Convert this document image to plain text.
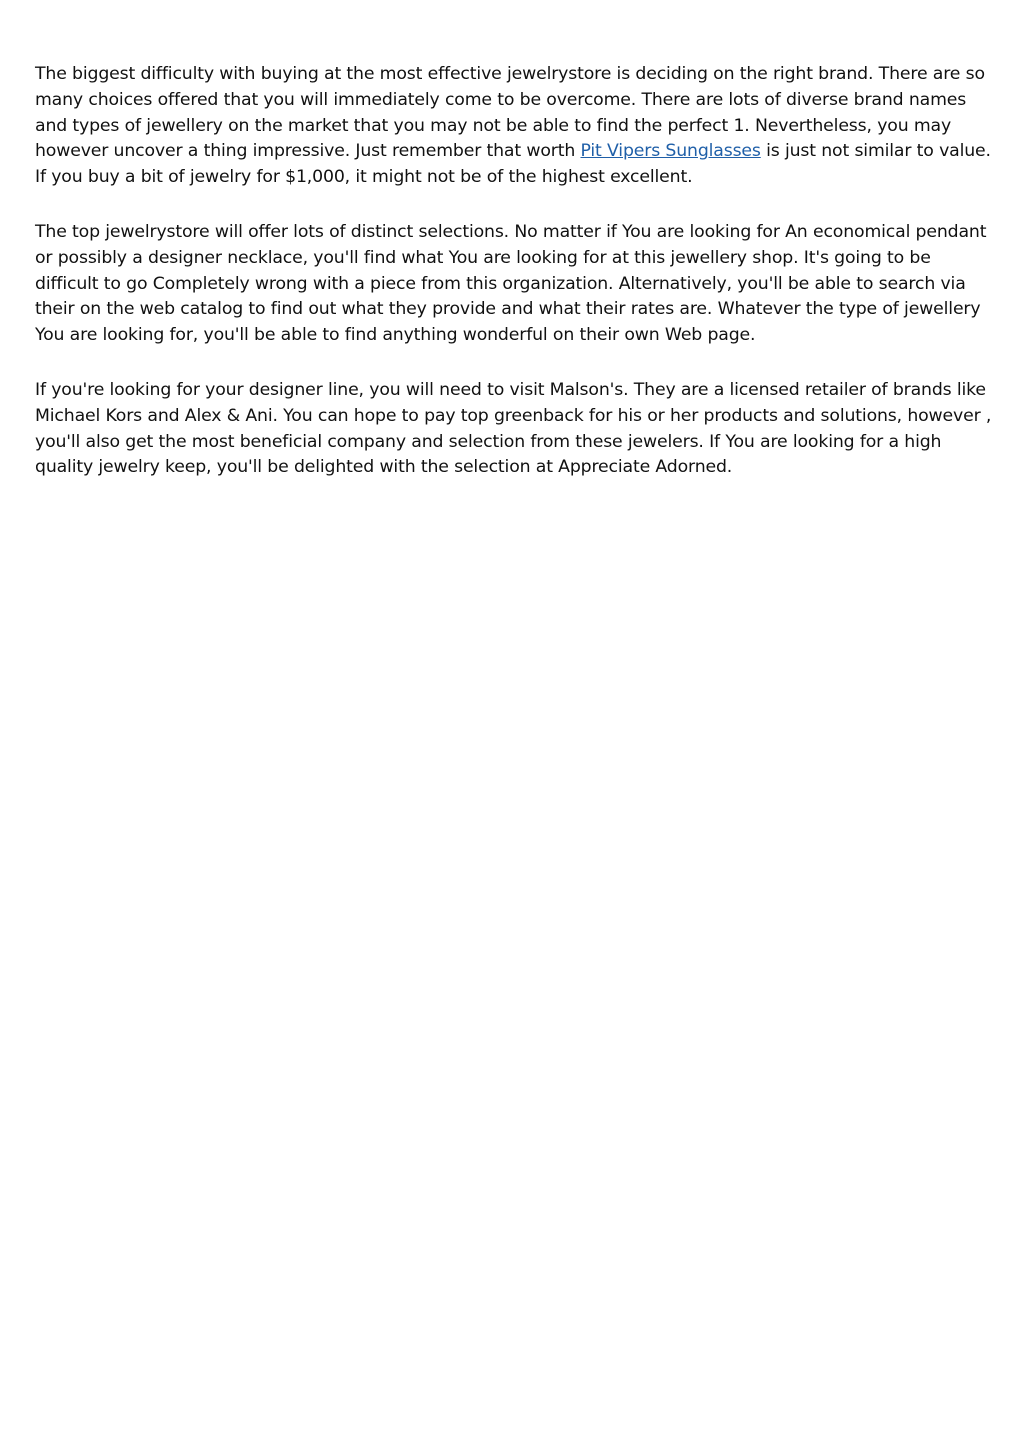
The biggest difficulty with buying at the most effective jewelrystore is deciding on the right brand. There are so many choices offered that you will immediately come to be overcome. There are lots of diverse brand names and types of jewellery on the market that you may not be able to find the perfect 1. Nevertheless, you may however uncover a thing impressive. Just remember that worth Pit Vipers Sunglasses is just not similar to value. If you buy a bit of jewelry for $1,000, it might not be of the highest excellent.

The top jewelrystore will offer lots of distinct selections. No matter if You are looking for An economical pendant or possibly a designer necklace, you'll find what You are looking for at this jewellery shop. It's going to be difficult to go Completely wrong with a piece from this organization. Alternatively, you'll be able to search via their on the web catalog to find out what they provide and what their rates are. Whatever the type of jewellery You are looking for, you'll be able to find anything wonderful on their own Web page.

If you're looking for your designer line, you will need to visit Malson's. They are a licensed retailer of brands like Michael Kors and Alex & Ani. You can hope to pay top greenback for his or her products and solutions, however , you'll also get the most beneficial company and selection from these jewelers. If You are looking for a high quality jewelry keep, you'll be delighted with the selection at Appreciate Adorned.
